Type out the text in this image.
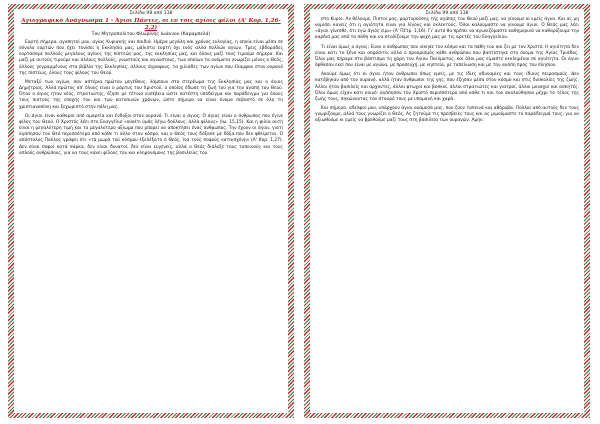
Σελίδα 98 από 138
Αγιογραφικό Ανάγνωσμα 1 - Άγιοι Πάντες, οι εν τοις αγίοις φίλοι (Α' Κορ. 1,26-2,2)
Του Μητροπολίτου Φλωρίνης Ιωάννου (Καραμπελά)

Εορτή σήμερα, αγαπητοί μου, αγίας Κυριακής και παιδιά. Ημέρα μεγάλη και χρόνος ευλογίας, η οποία είναι μέσα σε σύνολο εορτών που έχει τονίσει η Εκκλησία μας, μάλιστα εορτή όχι ενός αλλά πολλών αγίων. Τρεις εβδομάδες εορτάσαμε πολλούς μεγάλους αγίους της πίστεώς μας, της εκκλησίας μας, και όλους μαζί τους τιμούμε σήμερα. Και μαζί με αυτούς τιμούμε και άλλους πολλούς, γνωστούς και αγνώστους, των οποίων τα ονόματα γνωρίζει μόνος ο Θεός, άλλους γεγραμμένους στα βιβλία της Εκκλησίας, άλλους άγραφους, τα χιλιάδες των αγίων που έλαμψαν στον ουρανό της πίστεως, όλους τους φίλους του Θεού.

Μεταξύ των αγίων, σαν αστέρια πρώτου μεγέθους, λάμπουν στο στερέωμα της Εκκλησίας μας και ο άγιος Δημήτριος. Αλλά πρώτος απ' όλους είναι ο μάρτυς του Χριστού, ο οποίος έδωσε τη ζωή του για την αγάπη του Θεού. Όταν ο άγιος ήταν νέος, στρατιώτης, έζησε με τέτοια ευσέβεια ώστε κατέστη υπόδειγμα και παράδειγμα για όλους τους πιστούς της εποχής του και των κατοπινών χρόνων, ώστε σήμερα να είναι όνομα σεβαστό σε όλη τη χριστιανοσύνη και ξεχωριστό στην πόλη μας.

Οι άγιοι είναι καθαροί από αμαρτία και ένδοξοι στον ουρανό. Τι είναι ο άγιος; Ο άγιος είναι ο άνθρωπος που έγινε φίλος του Θεού. Ο Χριστός λέει στο Ευαγγέλιο «οὐκέτι ὑμᾶς λέγω δούλους, ἀλλὰ φίλους» (Ιω. 15,15). Και η φιλία αυτή είναι η μεγαλύτερη τιμή και το μεγαλύτερο αξίωμα που μπορεί να αποκτήσει ένας άνθρωπος. Την έχουν οι άγιοι, γιατί αγάπησαν τον Θεό περισσότερο από κάθε τι άλλο στον κόσμο, και ο Θεός τους δόξασε με δόξα που δεν φθείρεται. Ο απόστολος Παύλος γράφει ότι «τὰ μωρὰ τοῦ κόσμου ἐξελέξατο ὁ Θεός, ἵνα τοὺς σοφοὺς καταισχύνῃ» (Α' Κορ. 1,27). Δεν είναι σοφοί κατά σάρκα, δεν είναι δυνατοί, δεν είναι ευγενείς, αλλά ο Θεός διάλεξε τους ταπεινούς και τους απλούς ανθρώπους, για να τους κάνει φίλους του και κληρονόμους της βασιλείας του.

Σελίδα 99 από 138

στο Κυρίο. Αν θέλουμε, Πιστοί μας, μαρτυρούσης τής αγάπης του Θεού μαζί μας, να γίνουμε κι εμείς άγιοι. Και ας μη νομίσει κανείς ότι η αγιότητα είναι για λίγους και εκλεκτούς. Όλοι καλούμαστε να γίνουμε άγιοι. Ο Θεός μας λέει «ἅγιοι γίνεσθε, ὅτι ἐγὼ ἅγιός εἰμι» (Α' Πέτρ. 1,16). Γι' αυτό θα πρέπει να αγωνιζόμαστε καθημερινά να καθαρίζουμε την καρδιά μας από τα πάθη και να στολίζουμε την ψυχή μας με τις αρετές του Ευαγγελίου.

Τι είναι όμως ο άγιος; Είναι ο άνθρωπος που νίκησε τον κόσμο και τα πάθη του και ζει με τον Χριστό. Η αγιότητα δεν είναι κάτι το ξένο και απρόσιτο, αλλά ο προορισμός κάθε ανθρώπου που βαπτίστηκε στο όνομα της Αγίας Τριάδος. Όλοι μας πήραμε στο βάπτισμα τη χάρη του Αγίου Πνεύματος, και όλοι μας είμαστε κεκλημένοι σε αγιότητα. Οι άγιοι έφθασαν εκεί που είναι με αγώνα, με προσευχή, με νηστεία, με ταπείνωση και με την αγάπη προς τον πλησίον.

Ακούμε όμως ότι οι άγιοι ήταν άνθρωποι όπως εμείς, με τις ίδιες αδυναμίες και τους ίδιους πειρασμούς. Δεν κατέβηκαν από τον ουρανό, αλλά ήταν άνθρωποι της γης, που έζησαν μέσα στον κόσμο και στις δυσκολίες της ζωής. Άλλοι ήταν βασιλείς και άρχοντες, άλλοι φτωχοί και βοσκοί, άλλοι στρατιώτες και γιατροί, άλλοι μοναχοί και ασκητές. Όλοι όμως είχαν κάτι κοινό: αγάπησαν τον Χριστό περισσότερο από κάθε τι και τον ακολούθησαν μέχρι το τέλος της ζωής τους, σηκώνοντας τον σταυρό τους με υπομονή και χαρά.

Και σήμερα, αδελφοί μου, υπάρχουν άγιοι ανάμεσά μας, που ζουν ταπεινά και αθόρυβα. Πολλοί από αυτούς δεν τους γνωρίζουμε, αλλά τους γνωρίζει ο Θεός. Ας ζητούμε τις πρεσβείες τους και ας μιμούμαστε το παράδειγμά τους, για να αξιωθούμε κι εμείς να βρεθούμε μαζί τους στη βασιλεία των ουρανών. Αμήν.
